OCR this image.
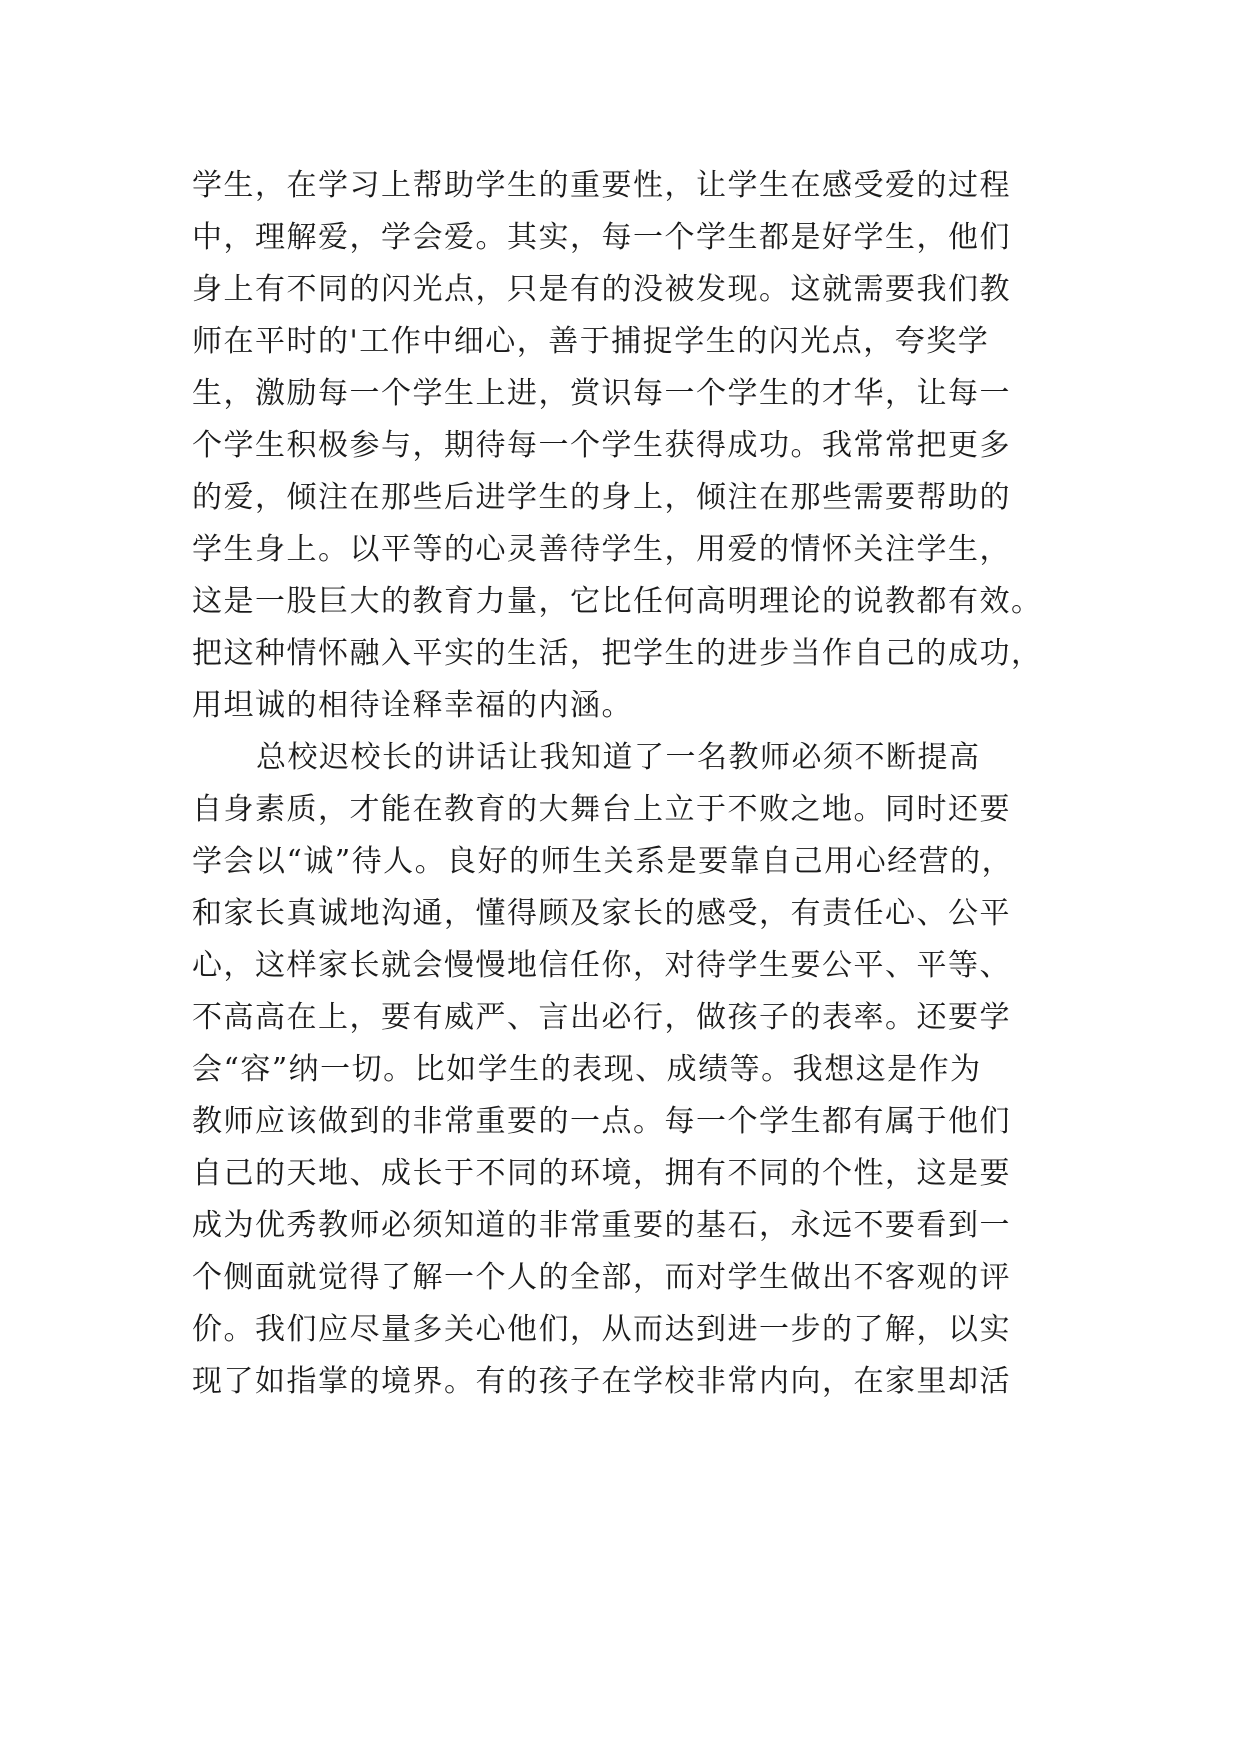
学生，在学习上帮助学生的重要性，让学生在感受爱的过程
中，理解爱，学会爱。其实，每一个学生都是好学生，他们
身上有不同的闪光点，只是有的没被发现。这就需要我们教
师在平时的'工作中细心，善于捕捉学生的闪光点，夸奖学
生，激励每一个学生上进，赏识每一个学生的才华，让每一
个学生积极参与，期待每一个学生获得成功。我常常把更多
的爱，倾注在那些后进学生的身上，倾注在那些需要帮助的
学生身上。以平等的心灵善待学生，用爱的情怀关注学生，
这是一股巨大的教育力量，它比任何高明理论的说教都有效。
把这种情怀融入平实的生活，把学生的进步当作自己的成功，
用坦诚的相待诠释幸福的内涵。
总校迟校长的讲话让我知道了一名教师必须不断提高
自身素质，才能在教育的大舞台上立于不败之地。同时还要
学会以“诚”待人。良好的师生关系是要靠自己用心经营的，
和家长真诚地沟通，懂得顾及家长的感受，有责任心、公平
心，这样家长就会慢慢地信任你，对待学生要公平、平等、
不高高在上，要有威严、言出必行，做孩子的表率。还要学
会“容”纳一切。比如学生的表现、成绩等。我想这是作为
教师应该做到的非常重要的一点。每一个学生都有属于他们
自己的天地、成长于不同的环境，拥有不同的个性，这是要
成为优秀教师必须知道的非常重要的基石，永远不要看到一
个侧面就觉得了解一个人的全部，而对学生做出不客观的评
价。我们应尽量多关心他们，从而达到进一步的了解，以实
现了如指掌的境界。有的孩子在学校非常内向，在家里却活
